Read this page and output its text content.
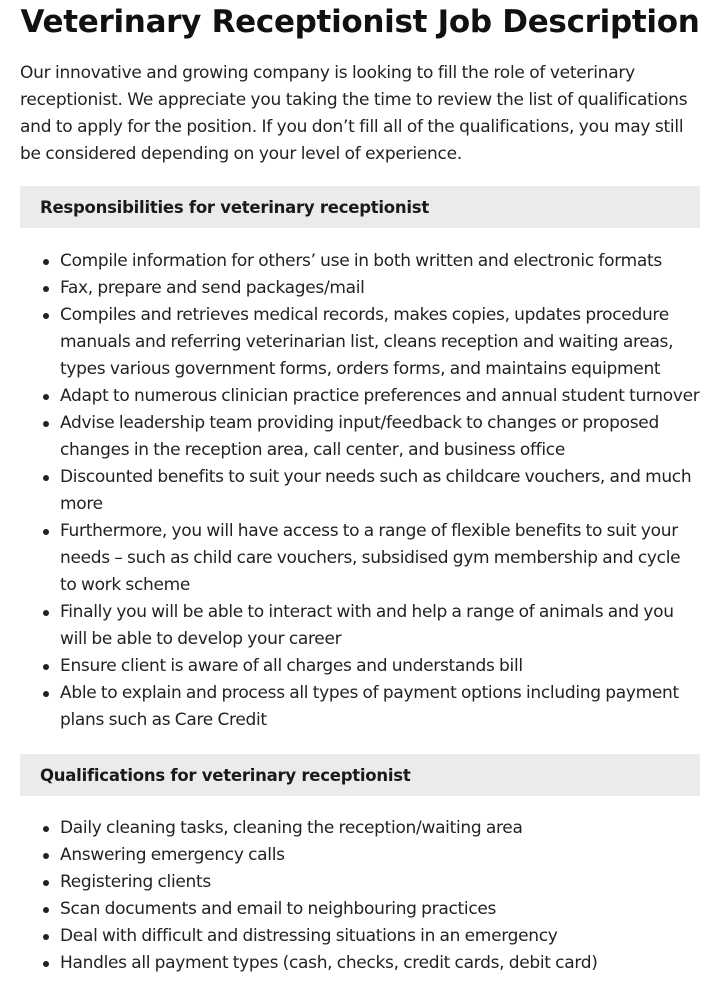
Veterinary Receptionist Job Description

Our innovative and growing company is looking to fill the role of veterinary receptionist. We appreciate you taking the time to review the list of qualifications and to apply for the position. If you don’t fill all of the qualifications, you may still be considered depending on your level of experience.

Responsibilities for veterinary receptionist
Compile information for others’ use in both written and electronic formats
Fax, prepare and send packages/mail
Compiles and retrieves medical records, makes copies, updates procedure manuals and referring veterinarian list, cleans reception and waiting areas, types various government forms, orders forms, and maintains equipment
Adapt to numerous clinician practice preferences and annual student turnover
Advise leadership team providing input/feedback to changes or proposed changes in the reception area, call center, and business office
Discounted benefits to suit your needs such as childcare vouchers, and much more
Furthermore, you will have access to a range of flexible benefits to suit your needs – such as child care vouchers, subsidised gym membership and cycle to work scheme
Finally you will be able to interact with and help a range of animals and you will be able to develop your career
Ensure client is aware of all charges and understands bill
Able to explain and process all types of payment options including payment plans such as Care Credit
Qualifications for veterinary receptionist
Daily cleaning tasks, cleaning the reception/waiting area
Answering emergency calls
Registering clients
Scan documents and email to neighbouring practices
Deal with difficult and distressing situations in an emergency
Handles all payment types (cash, checks, credit cards, debit card)
